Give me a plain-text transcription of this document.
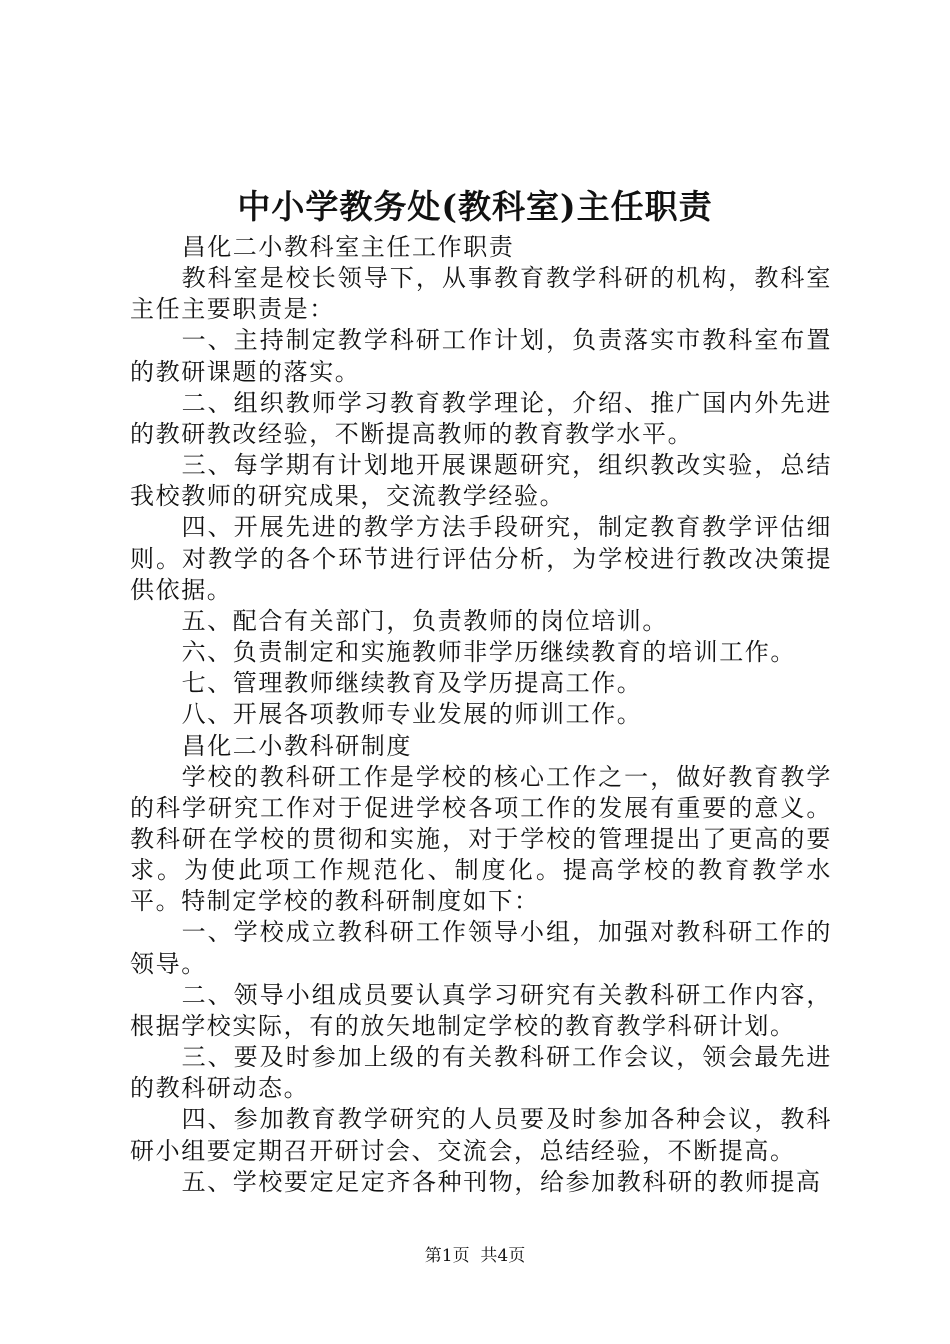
中小学教务处(教科室)主任职责

昌化二小教科室主任工作职责

教科室是校长领导下，从事教育教学科研的机构，教科室主任主要职责是：

一、主持制定教学科研工作计划，负责落实市教科室布置的教研课题的落实。

二、组织教师学习教育教学理论，介绍、推广国内外先进的教研教改经验，不断提高教师的教育教学水平。

三、每学期有计划地开展课题研究，组织教改实验，总结我校教师的研究成果，交流教学经验。

四、开展先进的教学方法手段研究，制定教育教学评估细则。对教学的各个环节进行评估分析，为学校进行教改决策提供依据。

五、配合有关部门，负责教师的岗位培训。

六、负责制定和实施教师非学历继续教育的培训工作。

七、管理教师继续教育及学历提高工作。

八、开展各项教师专业发展的师训工作。

昌化二小教科研制度

学校的教科研工作是学校的核心工作之一，做好教育教学的科学研究工作对于促进学校各项工作的发展有重要的意义。教科研在学校的贯彻和实施，对于学校的管理提出了更高的要求。为使此项工作规范化、制度化。提高学校的教育教学水平。特制定学校的教科研制度如下：

一、学校成立教科研工作领导小组，加强对教科研工作的领导。

二、领导小组成员要认真学习研究有关教科研工作内容，根据学校实际，有的放矢地制定学校的教育教学科研计划。

三、要及时参加上级的有关教科研工作会议，领会最先进的教科研动态。

四、参加教育教学研究的人员要及时参加各种会议，教科研小组要定期召开研讨会、交流会，总结经验，不断提高。

五、学校要定足定齐各种刊物，给参加教科研的教师提高

第1页 共4页
